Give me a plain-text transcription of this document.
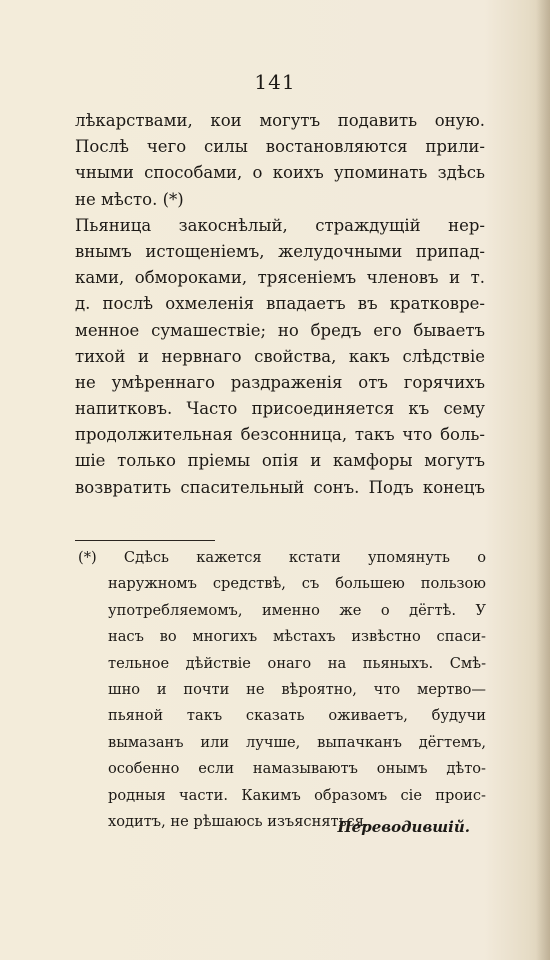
141
лѣкарствами, кои могутъ подавить оную.
Послѣ чего силы востановляются прили-
чными способами, о коихъ упоминать здѣсь
не мѣсто. (*)
Пьяница закоснѣлый, страждущій нер-
внымъ истощеніемъ, желудочными припад-
ками, обмороками, трясеніемъ членовъ и т.
д. послѣ охмеленія впадаетъ въ кратковре-
менное сумашествіе; но бредъ его бываетъ
тихой и нервнаго свойства, какъ слѣдствіе
не умѣреннаго раздраженія отъ горячихъ
напитковъ. Часто присоединяется къ сему
продолжительная безсонница, такъ что боль-
шіе только пріемы опія и камфоры могутъ
возвратить спасительный сонъ. Подъ конецъ
(*) Сдѣсь кажется кстати упомянуть о
наружномъ средствѣ, съ большею пользою
употребляемомъ, именно же о дёгтѣ. У
насъ во многихъ мѣстахъ извѣстно спаси-
тельное дѣйствіе онаго на пьяныхъ. Смѣ-
шно и почти не вѣроятно, что мертво—
пьяной такъ сказать оживаетъ, будучи
вымазанъ или лучше, выпачканъ дёгтемъ,
особенно если намазываютъ онымъ дѣто-
родныя части. Какимъ образомъ сіе проис-
ходитъ, не рѣшаюсь изъясняться.
Переводившій.
